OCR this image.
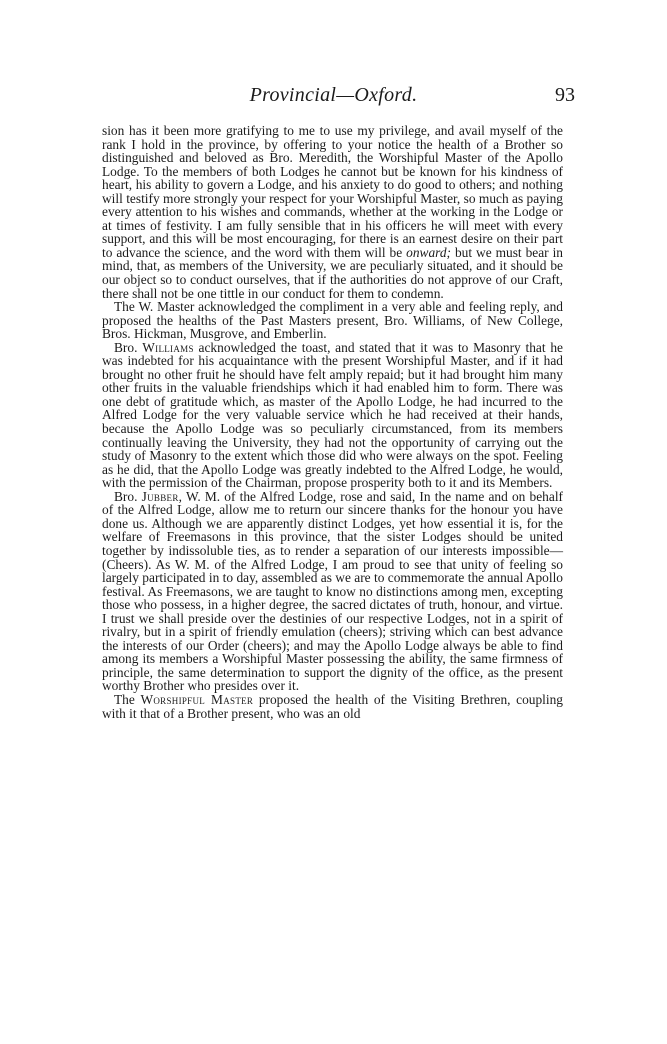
Provincial—Oxford.	93

sion has it been more gratifying to me to use my privilege, and avail myself of the rank I hold in the province, by offering to your notice the health of a Brother so distinguished and beloved as Bro. Meredith, the Worshipful Master of the Apollo Lodge. To the members of both Lodges he cannot but be known for his kindness of heart, his ability to govern a Lodge, and his anxiety to do good to others; and nothing will testify more strongly your respect for your Worshipful Master, so much as paying every attention to his wishes and commands, whether at the working in the Lodge or at times of festivity. I am fully sensible that in his officers he will meet with every support, and this will be most encouraging, for there is an earnest desire on their part to advance the science, and the word with them will be onward; but we must bear in mind, that, as members of the University, we are peculiarly situated, and it should be our object so to conduct ourselves, that if the authorities do not approve of our Craft, there shall not be one tittle in our conduct for them to condemn.

The W. Master acknowledged the compliment in a very able and feeling reply, and proposed the healths of the Past Masters present, Bro. Williams, of New College, Bros. Hickman, Musgrove, and Emberlin.

Bro. Williams acknowledged the toast, and stated that it was to Masonry that he was indebted for his acquaintance with the present Worshipful Master, and if it had brought no other fruit he should have felt amply repaid; but it had brought him many other fruits in the valuable friendships which it had enabled him to form. There was one debt of gratitude which, as master of the Apollo Lodge, he had incurred to the Alfred Lodge for the very valuable service which he had received at their hands, because the Apollo Lodge was so peculiarly circumstanced, from its members continually leaving the University, they had not the opportunity of carrying out the study of Masonry to the extent which those did who were always on the spot. Feeling as he did, that the Apollo Lodge was greatly indebted to the Alfred Lodge, he would, with the permission of the Chairman, propose prosperity both to it and its Members.

Bro. Jubber, W. M. of the Alfred Lodge, rose and said, In the name and on behalf of the Alfred Lodge, allow me to return our sincere thanks for the honour you have done us. Although we are apparently distinct Lodges, yet how essential it is, for the welfare of Freemasons in this province, that the sister Lodges should be united together by indissoluble ties, as to render a separation of our interests impossible—(Cheers). As W. M. of the Alfred Lodge, I am proud to see that unity of feeling so largely participated in to day, assembled as we are to commemorate the annual Apollo festival. As Freemasons, we are taught to know no distinctions among men, excepting those who possess, in a higher degree, the sacred dictates of truth, honour, and virtue. I trust we shall preside over the destinies of our respective Lodges, not in a spirit of rivalry, but in a spirit of friendly emulation (cheers); striving which can best advance the interests of our Order (cheers); and may the Apollo Lodge always be able to find among its members a Worshipful Master possessing the ability, the same firmness of principle, the same determination to support the dignity of the office, as the present worthy Brother who presides over it.

The Worshipful Master proposed the health of the Visiting Brethren, coupling with it that of a Brother present, who was an old
